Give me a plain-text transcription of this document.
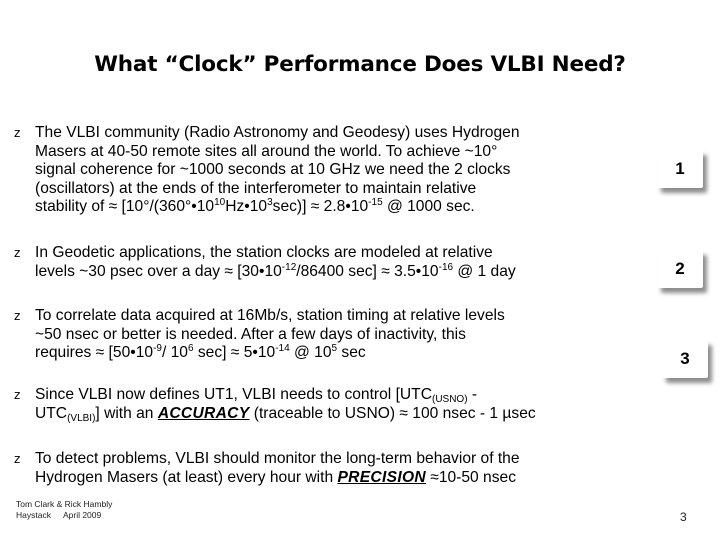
What “Clock” Performance Does VLBI Need?
z The VLBI community (Radio Astronomy and Geodesy) uses Hydrogen
Masers at 40-50 remote sites all around the world. To achieve ~10°
signal coherence for ~1000 seconds at 10 GHz we need the 2 clocks
(oscillators) at the ends of the interferometer to maintain relative
stability of ≈ $[10^\circ/(360^\circ•10^{10}Hz•10^3\sec)]$ ≈ $2.8•10^{-15}$ @ 1000 sec.
z In Geodetic applications, the station clocks are modeled at relative
levels ~30 psec over a day ≈ [$30•10^{-12}/86400$ $\sec] \approx 3.5•10^{-16}$ @ 1 day
z To correlate data acquired at 16Mb/s, station timing at relative levels
~50 nsec or better is needed. After a few days of inactivity, this
requires ≈ [$50•10^{-9}/$ $10^6$ $\sec] \approx 5•10^{-14}$ @ $10^5$ sec
z Since VLBI now defines UT1, VLBI needs to control [$UTC_{(USNO)}$ -
$UTC_{(VLBI)}$] with an ACCURACY (traceable to USNO) ≈ 100 nsec - 1 µsec
z To detect problems, VLBI should monitor the long-term behavior of the
Hydrogen Masers (at least) every hour with PRECISION ≈10-50 nsec
1
2
3
Tom Clark & Rick Hambly
Haystack April 2009	3
